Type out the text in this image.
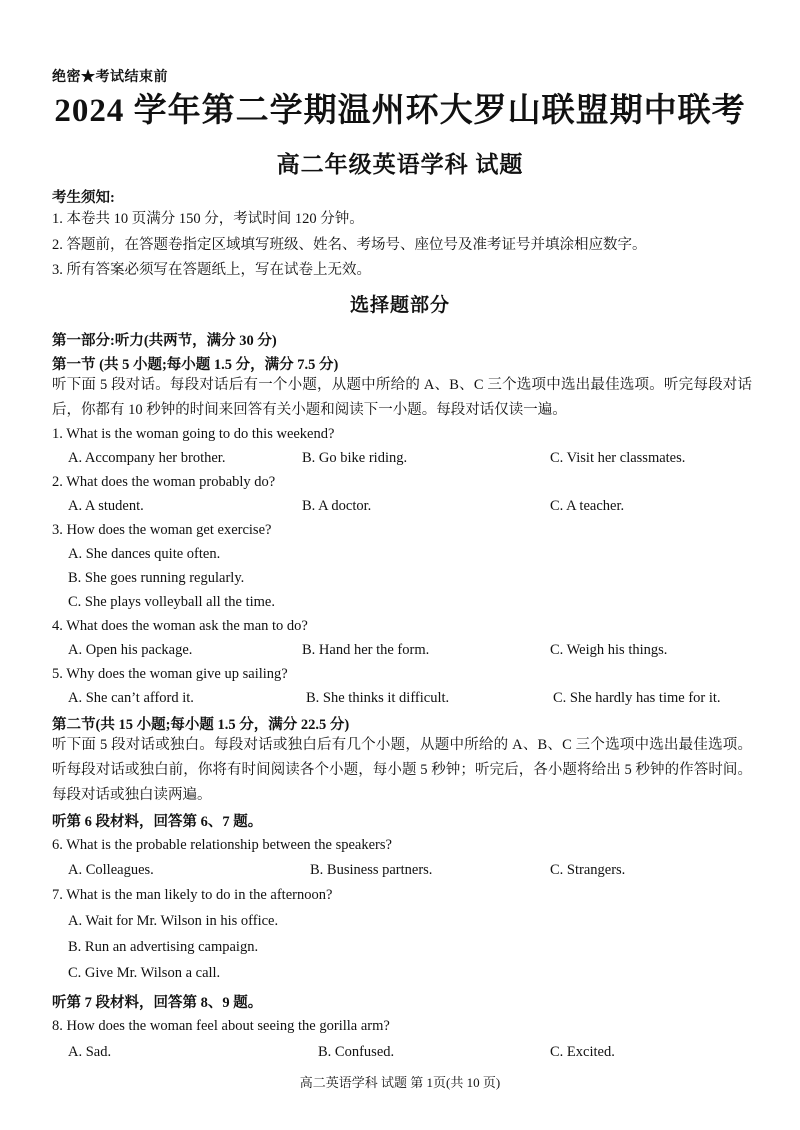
绝密★考试结束前
2024 学年第二学期温州环大罗山联盟期中联考
高二年级英语学科 试题
考生须知:
1. 本卷共 10 页满分 150 分，考试时间 120 分钟。
2. 答题前，在答题卷指定区域填写班级、姓名、考场号、座位号及准考证号并填涂相应数字。
3. 所有答案必须写在答题纸上，写在试卷上无效。
选择题部分
第一部分:听力(共两节，满分 30 分)
第一节 (共 5 小题;每小题 1.5 分，满分 7.5 分)
听下面 5 段对话。每段对话后有一个小题，从题中所给的 A、B、C 三个选项中选出最佳选项。听完每段对话后，你都有 10 秒钟的时间来回答有关小题和阅读下一小题。每段对话仅读一遍。
1. What is the woman going to do this weekend?
A. Accompany her brother.	B. Go bike riding.	C. Visit her classmates.
2. What does the woman probably do?
A. A student.	B. A doctor.	C. A teacher.
3. How does the woman get exercise?
A. She dances quite often.
B. She goes running regularly.
C. She plays volleyball all the time.
4. What does the woman ask the man to do?
A. Open his package.	B. Hand her the form.	C. Weigh his things.
5. Why does the woman give up sailing?
A. She can’t afford it.	B. She thinks it difficult.	C. She hardly has time for it.
第二节(共 15 小题;每小题 1.5 分，满分 22.5 分)
听下面 5 段对话或独白。每段对话或独白后有几个小题，从题中所给的 A、B、C 三个选项中选出最佳选项。听每段对话或独白前，你将有时间阅读各个小题，每小题 5 秒钟；听完后，各小题将给出 5 秒钟的作答时间。每段对话或独白读两遍。
听第 6 段材料，回答第 6、7 题。
6. What is the probable relationship between the speakers?
A. Colleagues.	B. Business partners.	C. Strangers.
7. What is the man likely to do in the afternoon?
A. Wait for Mr. Wilson in his office.
B. Run an advertising campaign.
C. Give Mr. Wilson a call.
听第 7 段材料，回答第 8、9 题。
8. How does the woman feel about seeing the gorilla arm?
A. Sad.	B. Confused.	C. Excited.
高二英语学科 试题 第 1页(共 10 页)
